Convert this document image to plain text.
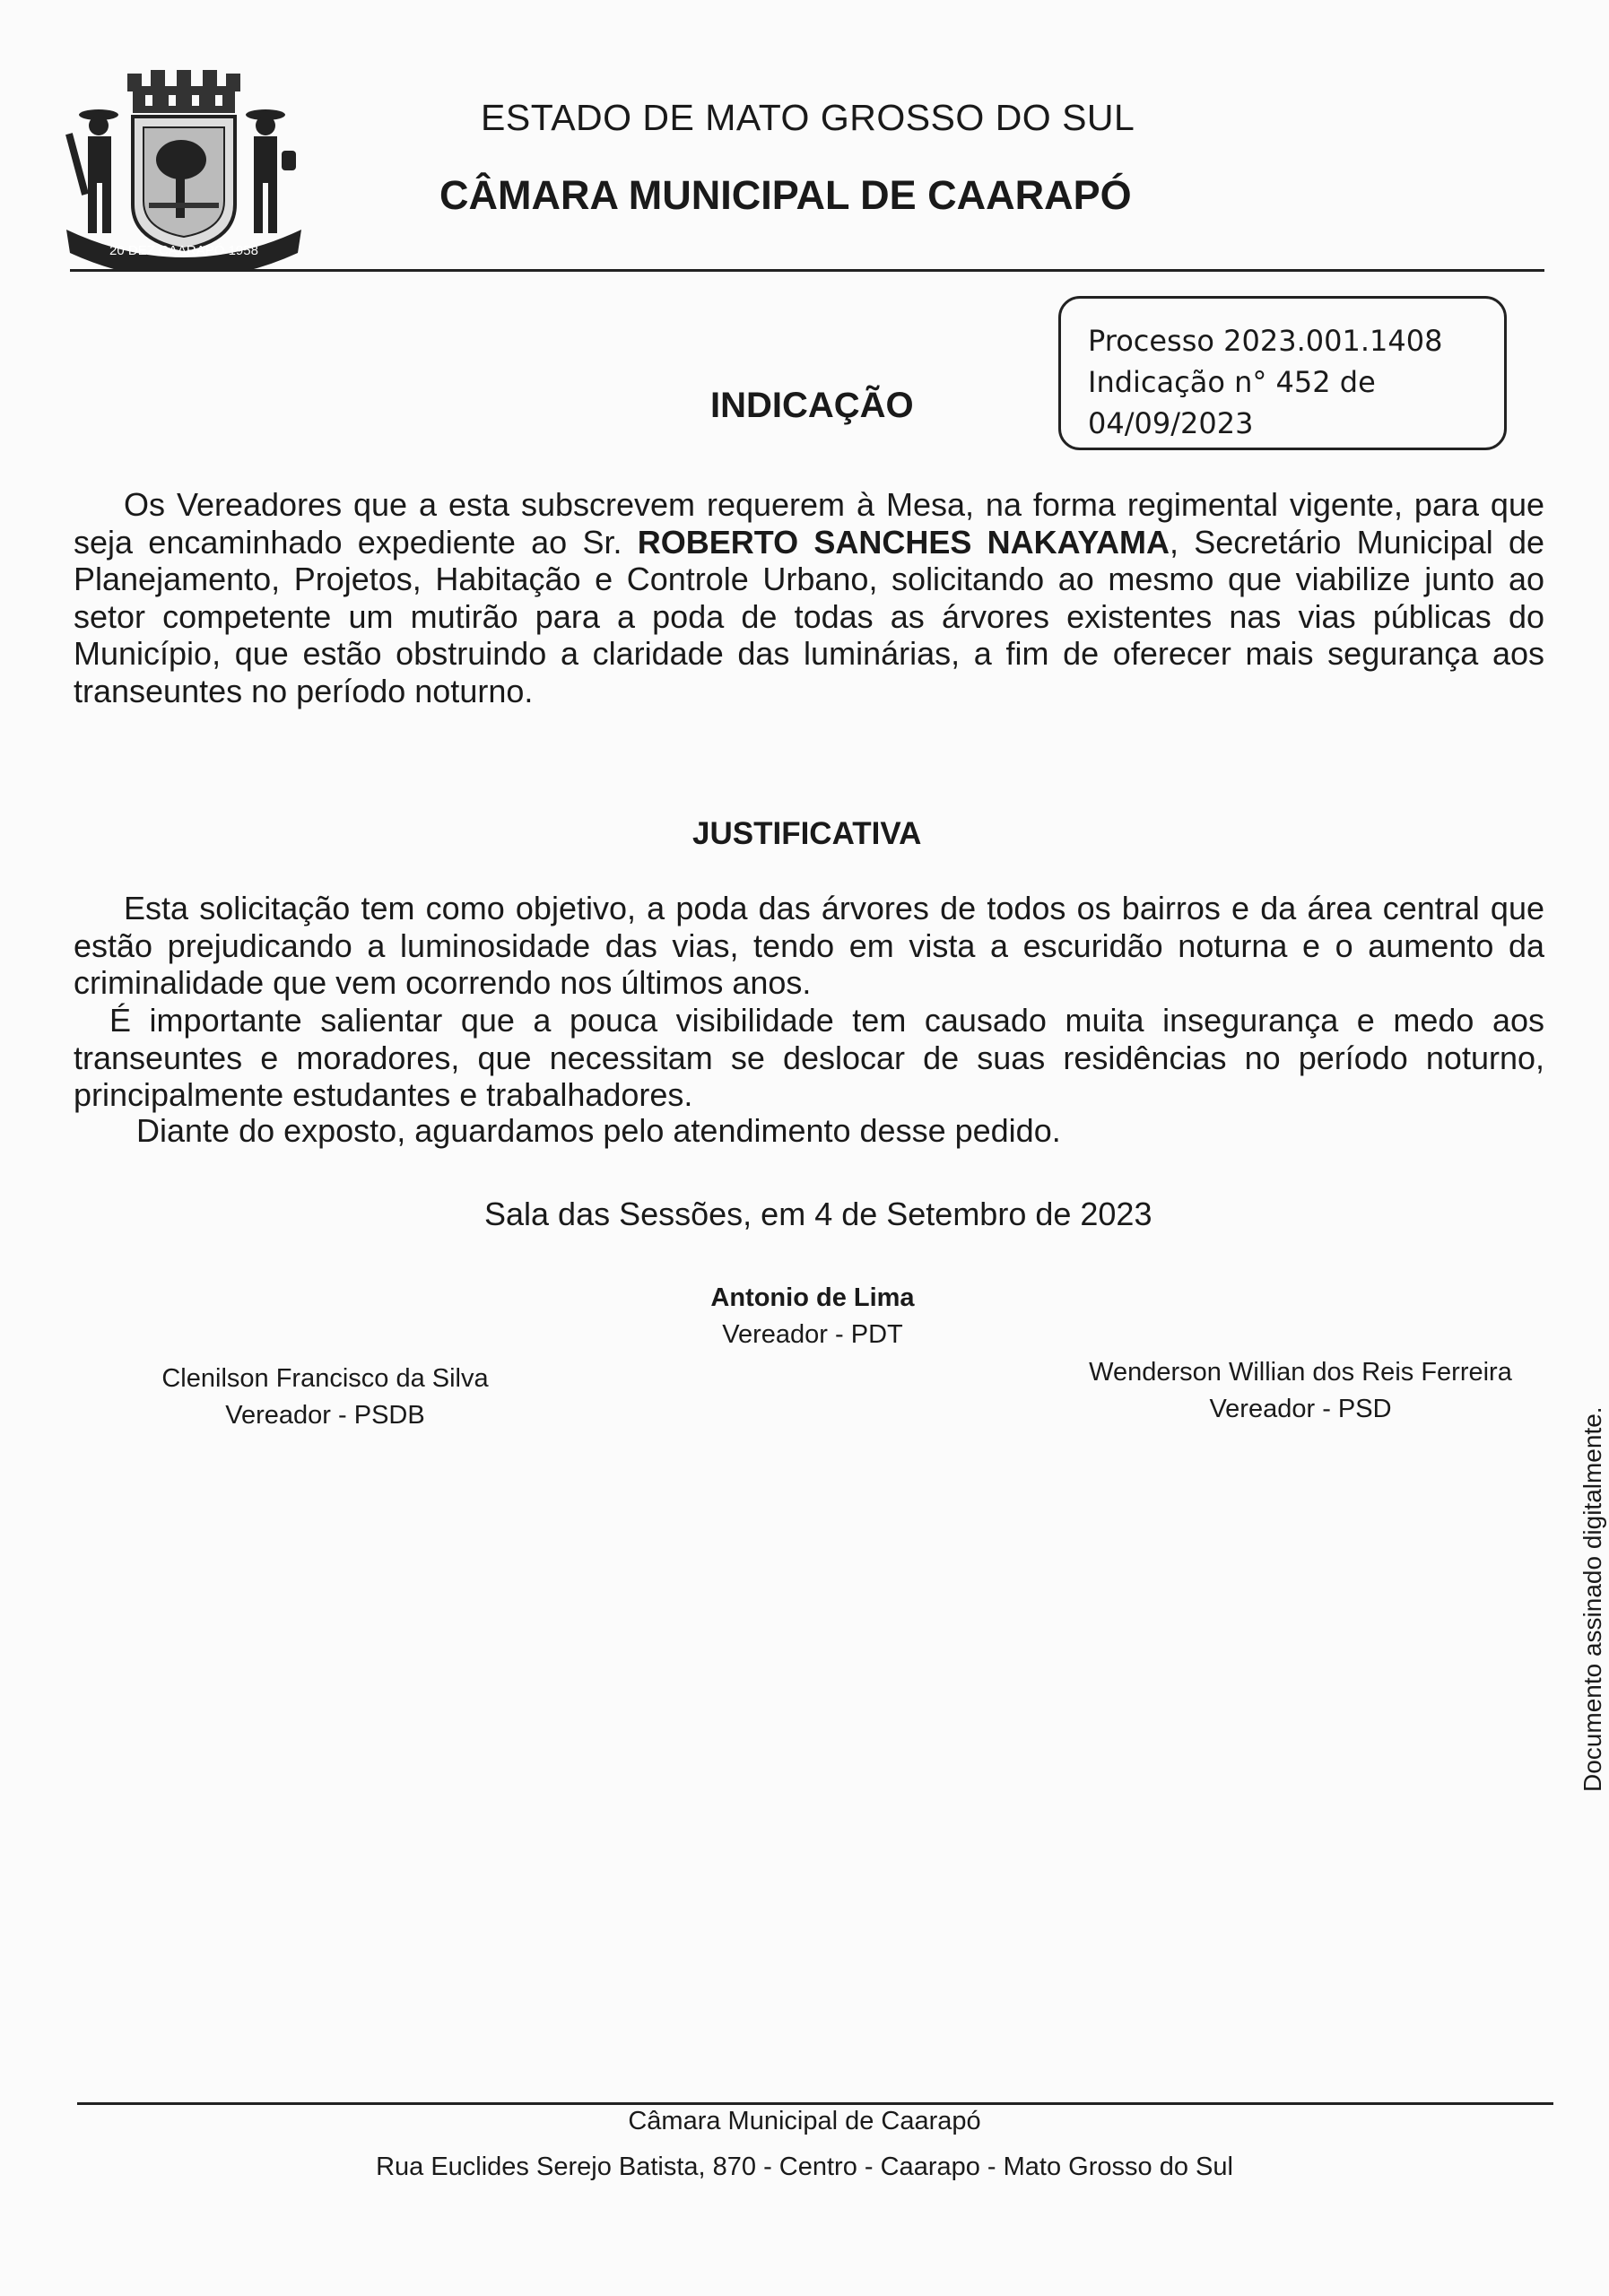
20 DEZ CAARAPÓ 1958
ESTADO DE MATO GROSSO DO SUL
CÂMARA MUNICIPAL DE CAARAPÓ
Processo 2023.001.1408
Indicação n° 452 de
04/09/2023
INDICAÇÃO
Os Vereadores que a esta subscrevem requerem à Mesa, na forma regimental vigente, para que seja encaminhado expediente ao Sr. ROBERTO SANCHES NAKAYAMA, Secretário Municipal de Planejamento, Projetos, Habitação e Controle Urbano, solicitando ao mesmo que viabilize junto ao setor competente um mutirão para a poda de todas as árvores existentes nas vias públicas do Município, que estão obstruindo a claridade das luminárias, a fim de oferecer mais segurança aos transeuntes no período noturno.
JUSTIFICATIVA
Esta solicitação tem como objetivo, a poda das árvores de todos os bairros e da área central que estão prejudicando a luminosidade das vias, tendo em vista a escuridão noturna e o aumento da criminalidade que vem ocorrendo nos últimos anos.
É importante salientar que a pouca visibilidade tem causado muita insegurança e medo aos transeuntes e moradores, que necessitam se deslocar de suas residências no período noturno, principalmente estudantes e trabalhadores.
Diante do exposto, aguardamos pelo atendimento desse pedido.
Sala das Sessões, em 4 de Setembro de 2023
Antonio de Lima
Vereador - PDT
Clenilson Francisco da Silva
Vereador - PSDB
Wenderson Willian dos Reis Ferreira
Vereador - PSD	Documento assinado digitalmente.
Câmara Municipal de Caarapó
Rua Euclides Serejo Batista, 870 - Centro - Caarapo - Mato Grosso do Sul
